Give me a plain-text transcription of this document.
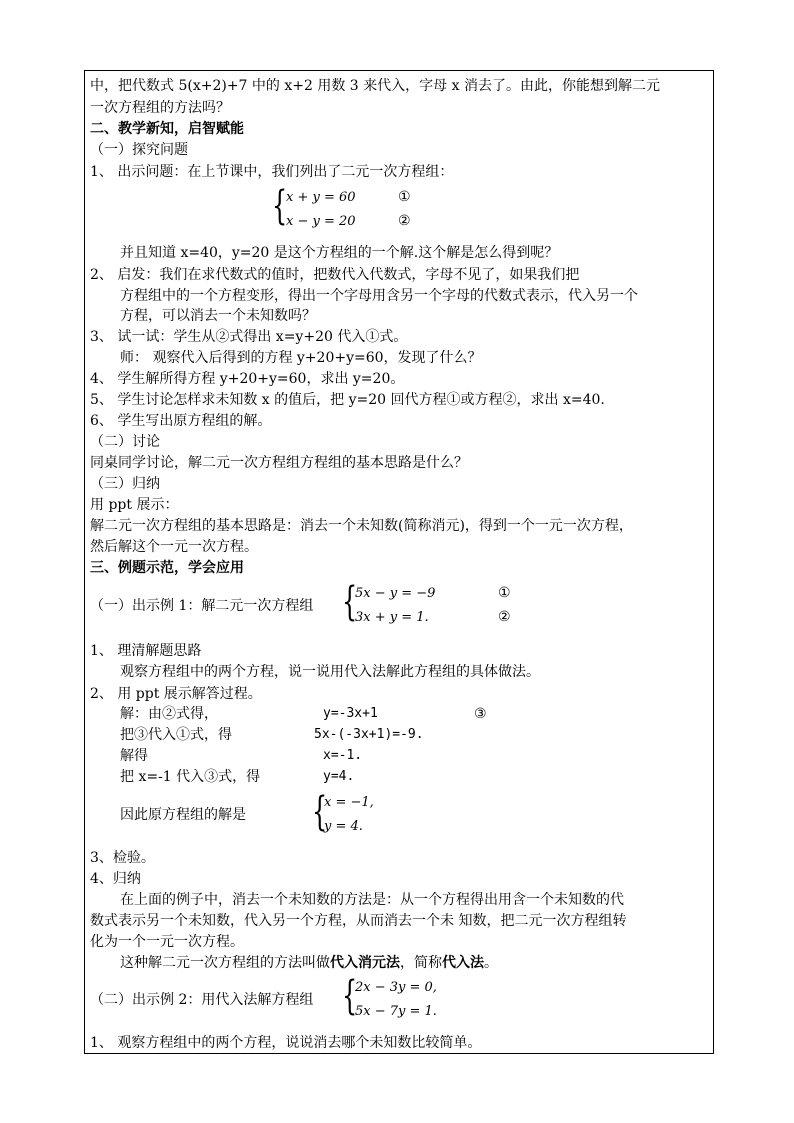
中，把代数式 5(x+2)+7 中的 x+2 用数 3 来代入，字母 x 消去了。由此，你能想到解二元
一次方程组的方法吗？
二、教学新知，启智赋能
（一）探究问题
1、 出示问题：在上节课中，我们列出了二元一次方程组：
{
x + y = 60
x − y = 20
①
②
并且知道 x=40，y=20 是这个方程组的一个解.这个解是怎么得到呢？
2、 启发：我们在求代数式的值时，把数代入代数式，字母不见了，如果我们把
方程组中的一个方程变形，得出一个字母用含另一个字母的代数式表示，代入另一个
方程，可以消去一个未知数吗？
3、 试一试：学生从②式得出 x=y+20 代入①式。
师： 观察代入后得到的方程 y+20+y=60，发现了什么？
4、 学生解所得方程 y+20+y=60，求出 y=20。
5、 学生讨论怎样求未知数 x 的值后，把 y=20 回代方程①或方程②，求出 x=40.
6、 学生写出原方程组的解。
（二）讨论
同桌同学讨论，解二元一次方程组方程组的基本思路是什么？
（三）归纳
用 ppt 展示：
解二元一次方程组的基本思路是：消去一个未知数(简称消元)，得到一个一元一次方程，
然后解这个一元一次方程。
三、例题示范，学会应用
（一）出示例 1：解二元一次方程组 {
5x − y = −9
3x + y = 1.
①
②
1、 理清解题思路
观察方程组中的两个方程，说一说用代入法解此方程组的具体做法。
2、 用 ppt 展示解答过程。
解：由②式得，	y=-3x+1	③
把③代入①式，得	5x-(-3x+1)=-9.
解得	x=-1.
把 x=-1 代入③式，得	y=4.
因此原方程组的解是 {
x = −1,
y = 4.
3、检验。
4、归纳
在上面的例子中，消去一个未知数的方法是：从一个方程得出用含一个未知数的代
数式表示另一个未知数，代入另一个方程，从而消去一个未 知数，把二元一次方程组转
化为一个一元一次方程。
这种解二元一次方程组的方法叫做代入消元法，简称代入法。
（二）出示例 2：用代入法解方程组 {
2x − 3y = 0,
5x − 7y = 1.
1、 观察方程组中的两个方程，说说消去哪个未知数比较简单。
